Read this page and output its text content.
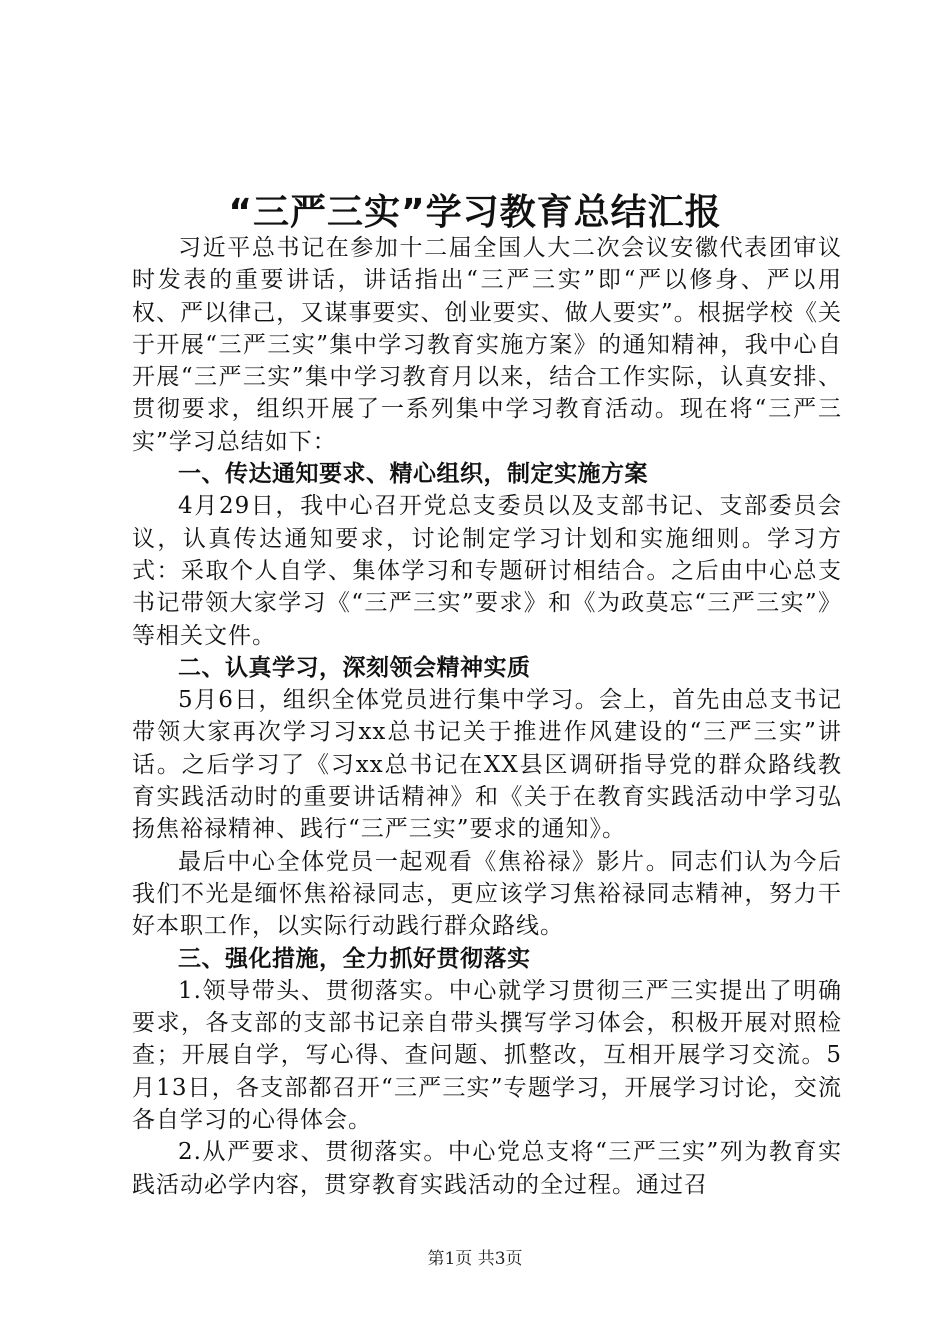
“三严三实”学习教育总结汇报

习近平总书记在参加十二届全国人大二次会议安徽代表团审议时发表的重要讲话，讲话指出“三严三实”即“严以修身、严以用权、严以律己，又谋事要实、创业要实、做人要实”。根据学校《关于开展“三严三实”集中学习教育实施方案》的通知精神，我中心自开展“三严三实”集中学习教育月以来，结合工作实际，认真安排、贯彻要求，组织开展了一系列集中学习教育活动。现在将“三严三实”学习总结如下：

一、传达通知要求、精心组织，制定实施方案

4月29日，我中心召开党总支委员以及支部书记、支部委员会议，认真传达通知要求，讨论制定学习计划和实施细则。学习方式：采取个人自学、集体学习和专题研讨相结合。之后由中心总支书记带领大家学习《“三严三实”要求》和《为政莫忘“三严三实”》等相关文件。

二、认真学习，深刻领会精神实质

5月6日，组织全体党员进行集中学习。会上，首先由总支书记带领大家再次学习习xx总书记关于推进作风建设的“三严三实”讲话。之后学习了《习xx总书记在XX县区调研指导党的群众路线教育实践活动时的重要讲话精神》和《关于在教育实践活动中学习弘扬焦裕禄精神、践行“三严三实”要求的通知》。

最后中心全体党员一起观看《焦裕禄》影片。同志们认为今后我们不光是缅怀焦裕禄同志，更应该学习焦裕禄同志精神，努力干好本职工作，以实际行动践行群众路线。

三、强化措施，全力抓好贯彻落实

1.领导带头、贯彻落实。中心就学习贯彻三严三实提出了明确要求，各支部的支部书记亲自带头撰写学习体会，积极开展对照检查；开展自学，写心得、查问题、抓整改，互相开展学习交流。5月13日，各支部都召开“三严三实”专题学习，开展学习讨论，交流各自学习的心得体会。

2.从严要求、贯彻落实。中心党总支将“三严三实”列为教育实践活动必学内容，贯穿教育实践活动的全过程。通过召

第1页 共3页
